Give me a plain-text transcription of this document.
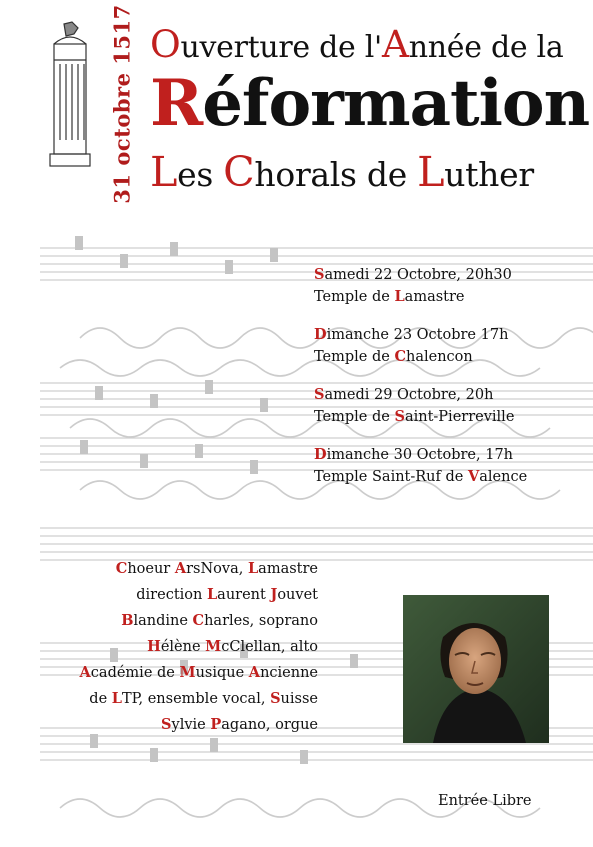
31 octobre 1517 Ouverture de l'Année de la
Réformation
Les Chorals de Luther
Samedi 22 Octobre, 20h30
Temple de Lamastre
Dimanche 23 Octobre 17h
Temple de Chalencon
Samedi 29 Octobre, 20h
Temple de Saint-Pierreville
Dimanche 30 Octobre, 17h
Temple Saint-Ruf de Valence
Choeur ArsNova, Lamastre
direction Laurent Jouvet
Blandine Charles, soprano
Hélène McClellan, alto
Académie de Musique Ancienne
de LTP, ensemble vocal, Suisse
Sylvie Pagano, orgue
Entrée Libre
